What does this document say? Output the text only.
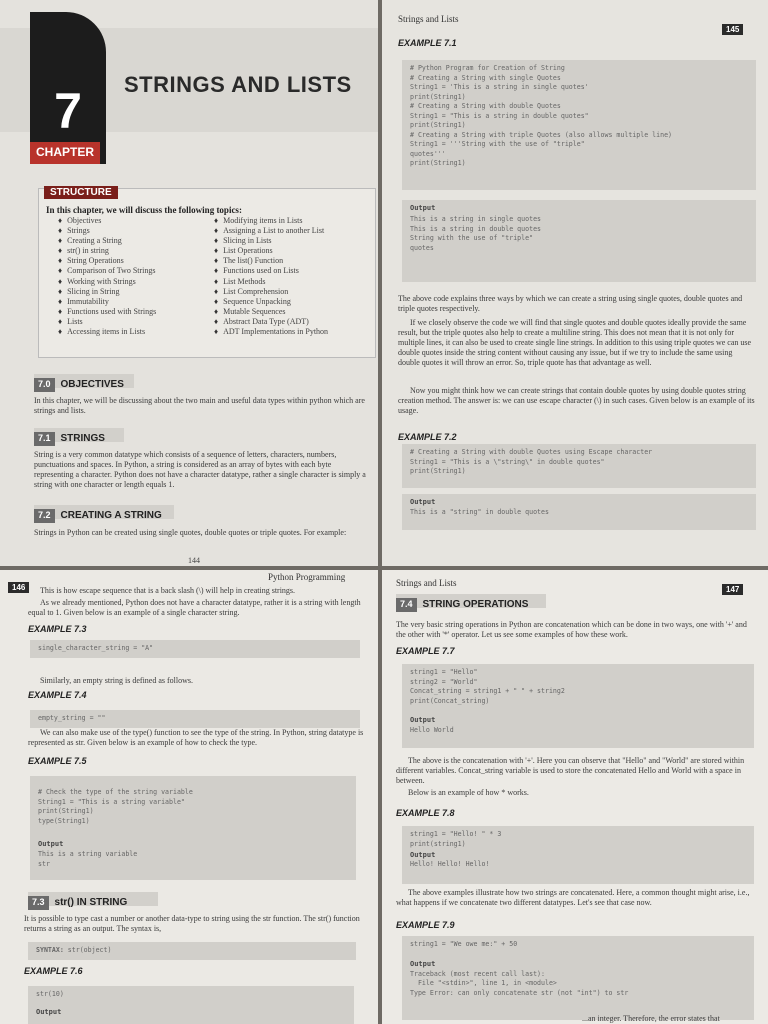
7
CHAPTER
STRINGS AND LISTS
STRUCTURE
In this chapter, we will discuss the following topics:
♦ Objectives
♦ Strings
♦ Creating a String
♦ str() in string
♦ String Operations
♦ Comparison of Two Strings
♦ Working with Strings
♦ Slicing in String
♦ Immutability
♦ Functions used with Strings
♦ Lists
♦ Accessing items in Lists
♦ Modifying items in Lists
♦ Assigning a List to another List
♦ Slicing in Lists
♦ List Operations
♦ The list() Function
♦ Functions used on Lists
♦ List Methods
♦ List Comprehension
♦ Sequence Unpacking
♦ Mutable Sequences
♦ Abstract Data Type (ADT)
♦ ADT Implementations in Python
7.0 OBJECTIVES

In this chapter, we will be discussing about the two main and useful data types within python which are strings and lists.

7.1 STRINGS

String is a very common datatype which consists of a sequence of letters, characters, numbers, punctuations and spaces. In Python, a string is considered as an array of bytes with each byte representing a character. Python does not have a character datatype, rather a single character is simply a string with one character or length equals 1.

7.2 CREATING A STRING

Strings in Python can be created using single quotes, double quotes or triple quotes. For example:

144
Strings and Lists
145
EXAMPLE 7.1
# Python Program for Creation of String
# Creating a String with single Quotes
String1 = 'This is a string in single quotes'
print(String1)
# Creating a String with double Quotes
String1 = "This is a string in double quotes"
print(String1)
# Creating a String with triple Quotes (also allows multiple line)
String1 = '''String with the use of "triple"
quotes'''
print(String1)
Output
This is a string in single quotes
This is a string in double quotes
String with the use of "triple"
quotes

The above code explains three ways by which we can create a string using single quotes, double quotes and triple quotes respectively.

If we closely observe the code we will find that single quotes and double quotes ideally provide the same result, but the triple quotes also help to create a multiline string. This does not mean that it is not only for multiple lines, it can also be used to create single line strings. In addition to this using triple quotes we can use double quotes inside the string content without causing any issue, but if we try to include the same using double quotes it will throw an error. So, triple quote has that advantage as well.

Now you might think how we can create strings that contain double quotes by using double quotes string creation method. The answer is: we can use escape character (\) in such cases. Given below is an example of its usage.

EXAMPLE 7.2
# Creating a String with double Quotes using Escape character
String1 = "This is a \"string\" in double quotes"
print(String1)
Output
This is a "string" in double quotes
146
Python Programming

This is how escape sequence that is a back slash (\) will help in creating strings.

As we already mentioned, Python does not have a character datatype, rather it is a string with length equal to 1. Given below is an example of a single character string.

EXAMPLE 7.3
single_character_string = "A"

Similarly, an empty string is defined as follows.

EXAMPLE 7.4
empty_string = ""

We can also make use of the type() function to see the type of the string. In Python, string datatype is represented as str. Given below is an example of how to check the type.

EXAMPLE 7.5
# Check the type of the string variable
String1 = "This is a string variable"
print(String1)
type(String1)
Output
This is a string variable
str
7.3 str() IN STRING

It is possible to type cast a number or another data-type to string using the str function. The str() function returns a string as an output. The syntax is,

SYNTAX: str(object)
EXAMPLE 7.6
str(10)
Output
Strings and Lists
147
7.4 STRING OPERATIONS

The very basic string operations in Python are concatenation which can be done in two ways, one with '+' and the other with '*' operator. Let us see some examples of how these work.

EXAMPLE 7.7
string1 = "Hello"
string2 = "World"
Concat_string = string1 + " " + string2
print(Concat_string)
Output
Hello World

The above is the concatenation with '+'. Here you can observe that "Hello" and "World" are stored within different variables. Concat_string variable is used to store the concatenated Hello and World with a space in between.

Below is an example of how * works.

EXAMPLE 7.8
string1 = "Hello! " * 3
print(string1)
Output
Hello! Hello! Hello!

The above examples illustrate how two strings are concatenated. Here, a common thought might arise, i.e., what happens if we concatenate two different datatypes. Let's see that case now.

EXAMPLE 7.9
string1 = "We owe me:" + 50
Output
Traceback (most recent call last):
File "<stdin>", line 1, in <module>
Type Error: can only concatenate str (not "int") to str

...an integer. Therefore, the error states that
